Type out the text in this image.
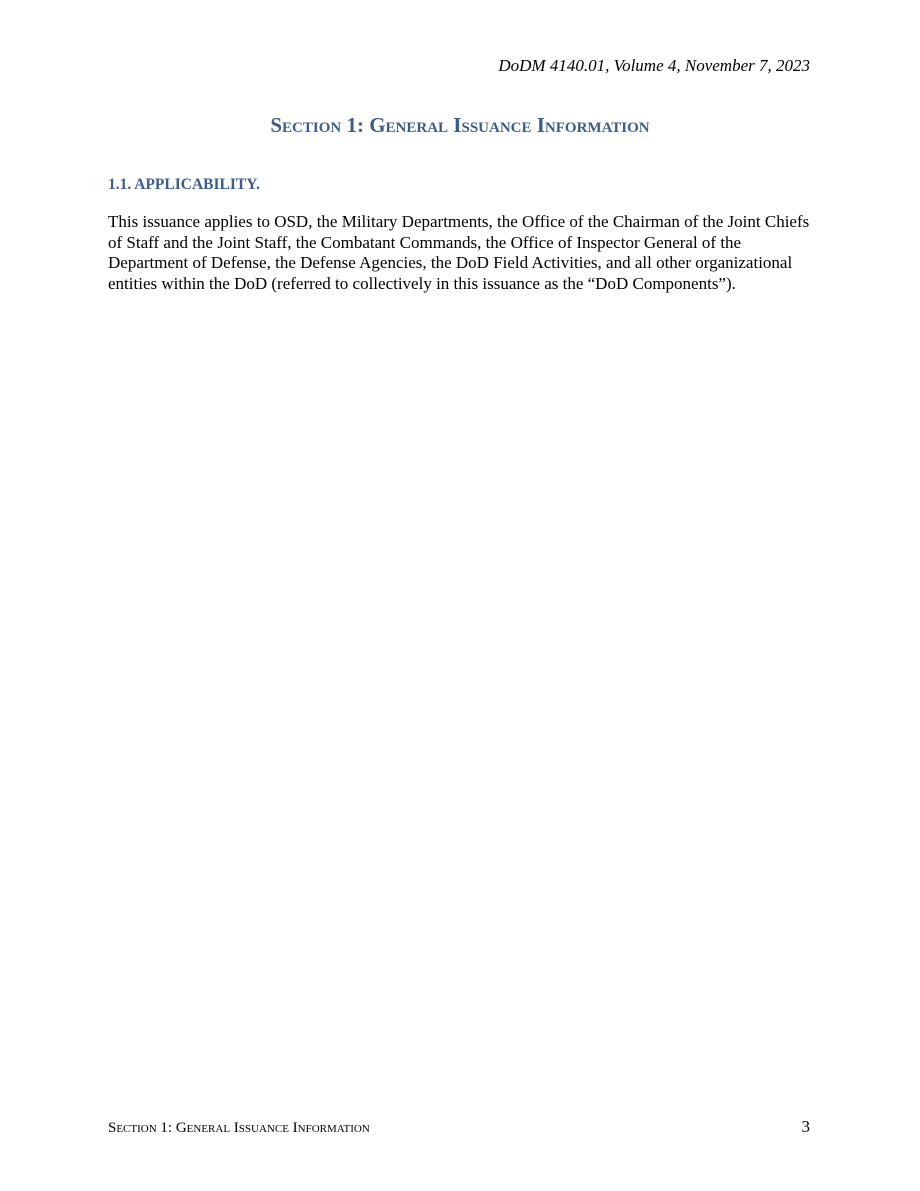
DoDM 4140.01, Volume 4, November 7, 2023
Section 1: General Issuance Information
1.1. APPLICABILITY.
This issuance applies to OSD, the Military Departments, the Office of the Chairman of the Joint Chiefs of Staff and the Joint Staff, the Combatant Commands, the Office of Inspector General of the Department of Defense, the Defense Agencies, the DoD Field Activities, and all other organizational entities within the DoD (referred to collectively in this issuance as the “DoD Components”).
Section 1: General Issuance Information	3
